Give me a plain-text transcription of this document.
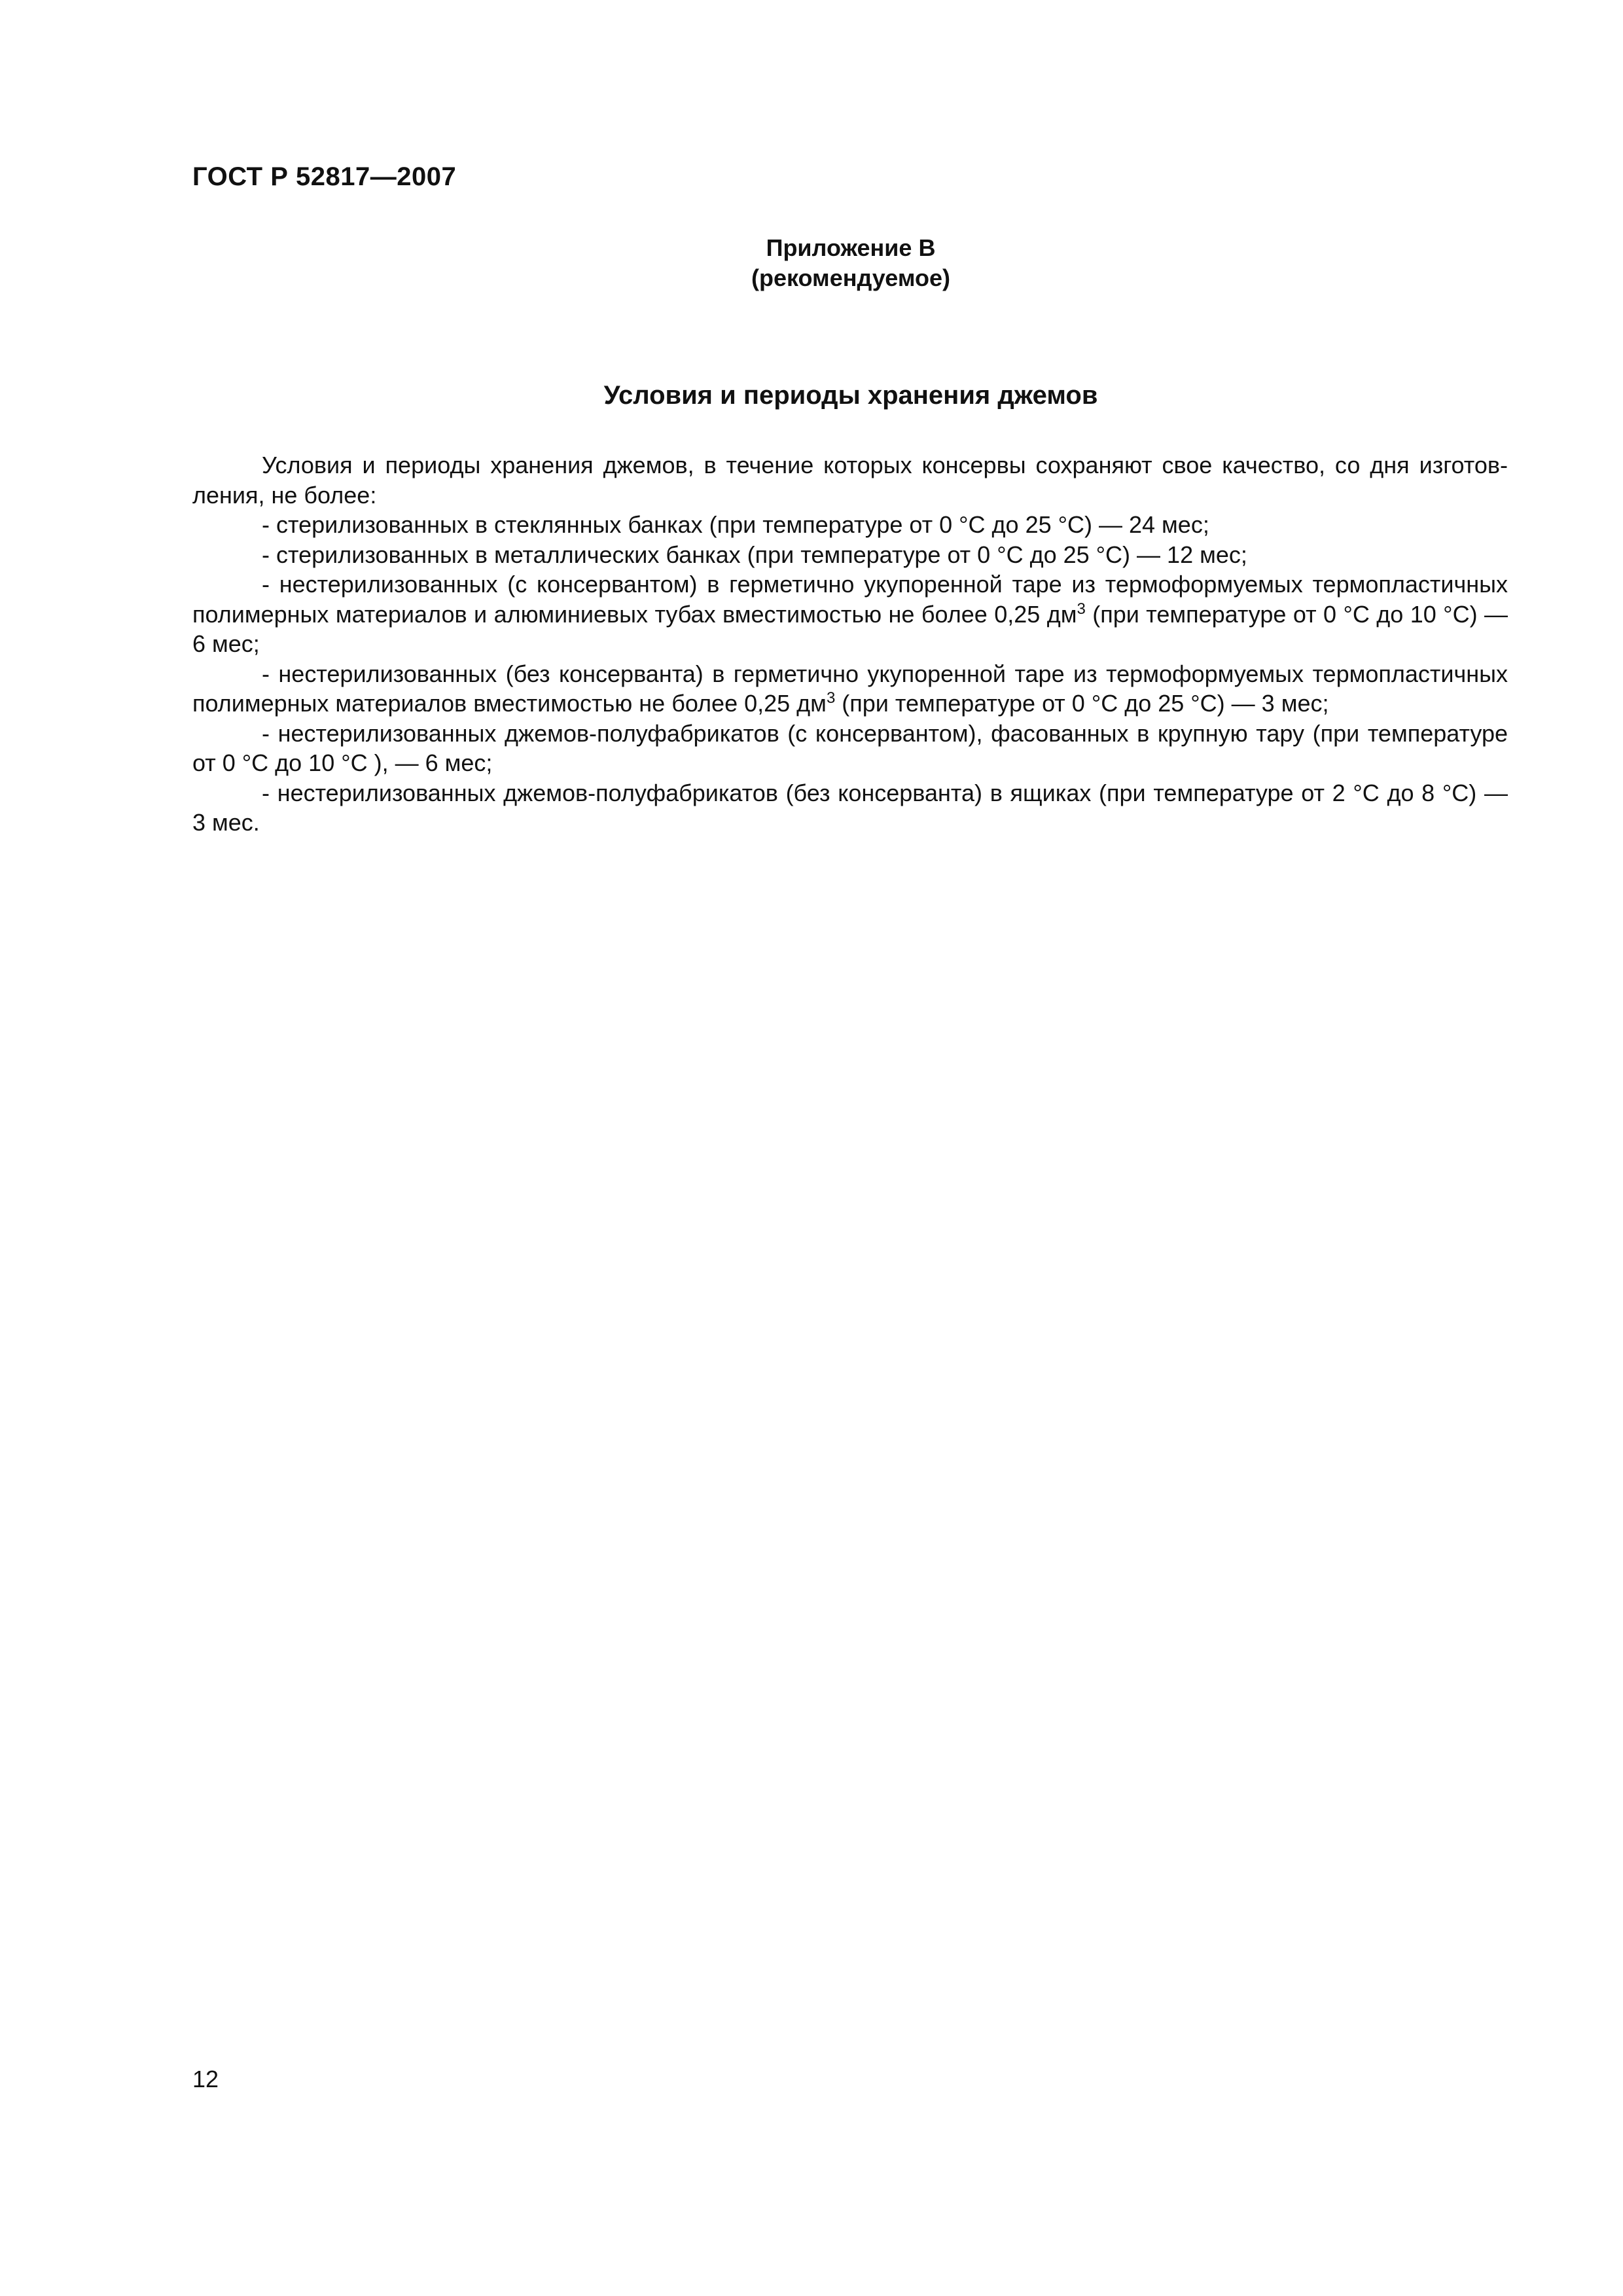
ГОСТ Р 52817—2007
Приложение В
(рекомендуемое)
Условия и периоды хранения джемов

Условия и периоды хранения джемов, в течение которых консервы сохраняют свое качество, со дня изготовления, не более:

- стерилизованных в стеклянных банках (при температуре от 0 °С до 25 °С) — 24 мес;

- стерилизованных в металлических банках (при температуре от 0 °С до 25 °С) — 12 мес;

- нестерилизованных (с консервантом) в герметично укупоренной таре из термоформуемых термопластичных полимерных материалов и алюминиевых тубах вместимостью не более 0,25 $дм^3$ (при температуре от 0 °С до 10 °С) — 6 мес;

- нестерилизованных (без консерванта) в герметично укупоренной таре из термоформуемых термопластичных полимерных материалов вместимостью не более 0,25 $дм^3$ (при температуре от 0 °С до 25 °С) — 3 мес;

- нестерилизованных джемов-полуфабрикатов (с консервантом), фасованных в крупную тару (при температуре от 0 °С до 10 °С ), — 6 мес;

- нестерилизованных джемов-полуфабрикатов (без консерванта) в ящиках (при температуре от 2 °С до 8 °С) — 3 мес.

12
